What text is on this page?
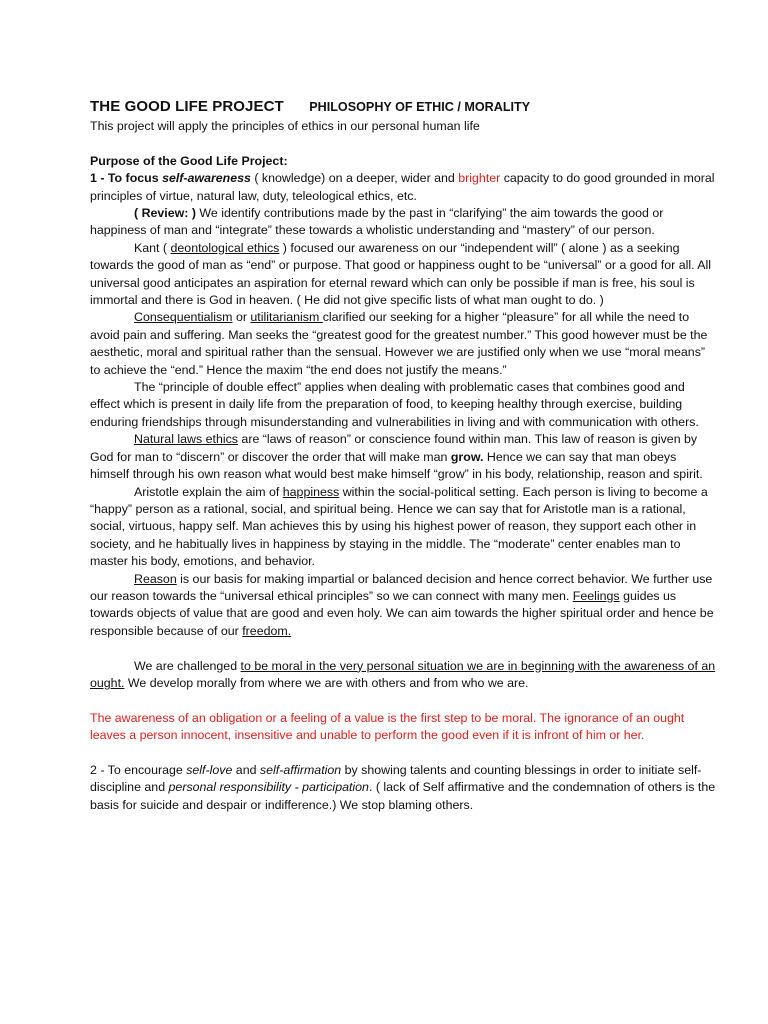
THE GOOD LIFE PROJECT PHILOSOPHY OF ETHIC / MORALITY

This project will apply the principles of ethics in our personal human life

Purpose of the Good Life Project:

1 - To focus self-awareness ( knowledge) on a deeper, wider and brighter capacity to do good grounded in moral principles of virtue, natural law, duty, teleological ethics, etc.

( Review: ) We identify contributions made by the past in “clarifying” the aim towards the good or happiness of man and “integrate” these towards a wholistic understanding and “mastery” of our person.

Kant ( deontological ethics ) focused our awareness on our “independent will” ( alone ) as a seeking towards the good of man as “end” or purpose. That good or happiness ought to be “universal” or a good for all. All universal good anticipates an aspiration for eternal reward which can only be possible if man is free, his soul is immortal and there is God in heaven. ( He did not give specific lists of what man ought to do. )

Consequentialism or utilitarianism clarified our seeking for a higher “pleasure” for all while the need to avoid pain and suffering. Man seeks the “greatest good for the greatest number.” This good however must be the aesthetic, moral and spiritual rather than the sensual. However we are justified only when we use “moral means” to achieve the “end.” Hence the maxim “the end does not justify the means.”

The “principle of double effect” applies when dealing with problematic cases that combines good and effect which is present in daily life from the preparation of food, to keeping healthy through exercise, building enduring friendships through misunderstanding and vulnerabilities in living and with communication with others.

Natural laws ethics are “laws of reason” or conscience found within man. This law of reason is given by God for man to “discern” or discover the order that will make man grow. Hence we can say that man obeys himself through his own reason what would best make himself “grow” in his body, relationship, reason and spirit.

Aristotle explain the aim of happiness within the social-political setting. Each person is living to become a “happy” person as a rational, social, and spiritual being. Hence we can say that for Aristotle man is a rational, social, virtuous, happy self. Man achieves this by using his highest power of reason, they support each other in society, and he habitually lives in happiness by staying in the middle. The “moderate” center enables man to master his body, emotions, and behavior.

Reason is our basis for making impartial or balanced decision and hence correct behavior. We further use our reason towards the “universal ethical principles” so we can connect with many men. Feelings guides us towards objects of value that are good and even holy. We can aim towards the higher spiritual order and hence be responsible because of our freedom.

We are challenged to be moral in the very personal situation we are in beginning with the awareness of an ought. We develop morally from where we are with others and from who we are.

The awareness of an obligation or a feeling of a value is the first step to be moral. The ignorance of an ought leaves a person innocent, insensitive and unable to perform the good even if it is infront of him or her.

2 - To encourage self-love and self-affirmation by showing talents and counting blessings in order to initiate self-discipline and personal responsibility - participation. ( lack of Self affirmative and the condemnation of others is the basis for suicide and despair or indifference.) We stop blaming others.
